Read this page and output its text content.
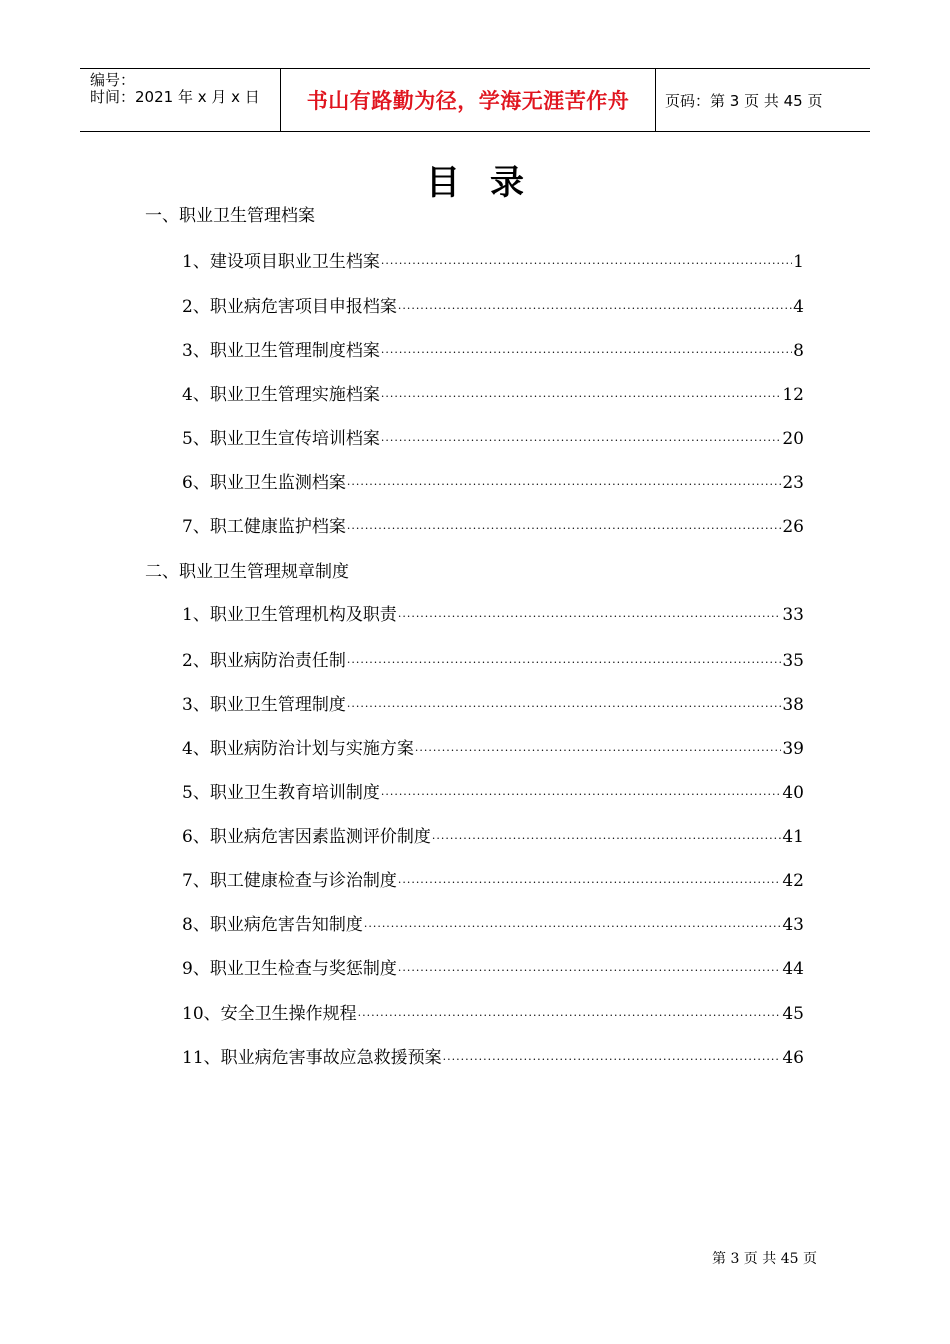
编号：
时间：2021 年 x 月 x 日	书山有路勤为径，学海无涯苦作舟	页码：第 3 页 共 45 页
目录
一、职业卫生管理档案
1、建设项目职业卫生档案 ·····	1
2、职业病危害项目申报档案 ·····	4
3、职业卫生管理制度档案 ·····	8
4、职业卫生管理实施档案 ·····	12
5、职业卫生宣传培训档案 ·····	20
6、职业卫生监测档案 ·····	23
7、职工健康监护档案 ·····	26
二、职业卫生管理规章制度
1、职业卫生管理机构及职责 ·····	33
2、职业病防治责任制 ·····	35
3、职业卫生管理制度 ·····	38
4、职业病防治计划与实施方案 ·····	39
5、职业卫生教育培训制度 ·····	40
6、职业病危害因素监测评价制度 ·····	41
7、职工健康检查与诊治制度 ·····	42
8、职业病危害告知制度 ·····	43
9、职业卫生检查与奖惩制度 ·····	44
10、安全卫生操作规程 ·····	45
11、职业病危害事故应急救援预案 ·····	46
第 3 页 共 45 页
